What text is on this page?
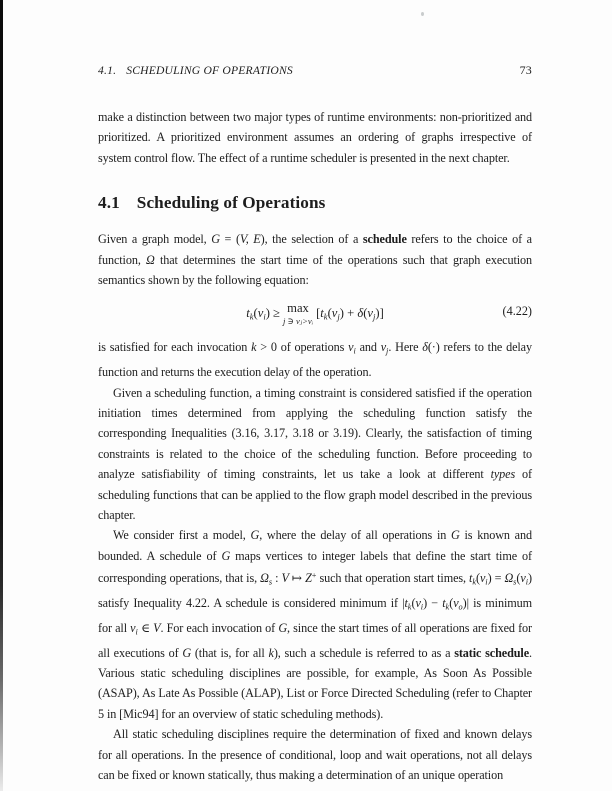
4.1. SCHEDULING OF OPERATIONS	73

make a distinction between two major types of runtime environments: non-prioritized and prioritized. A prioritized environment assumes an ordering of graphs irrespective of system control flow. The effect of a runtime scheduler is presented in the next chapter.

4.1 Scheduling of Operations

Given a graph model, G = (V, E), the selection of a schedule refers to the choice of a function, Ω that determines the start time of the operations such that graph execution semantics shown by the following equation:

tk(vi) ≥ max
j ∋ vⱼ>vᵢ
[tk(vj) + δ(vj)]	(4.22)

is satisfied for each invocation k > 0 of operations vi and vj. Here δ(·) refers to the delay function and returns the execution delay of the operation.

Given a scheduling function, a timing constraint is considered satisfied if the operation initiation times determined from applying the scheduling function satisfy the corresponding Inequalities (3.16, 3.17, 3.18 or 3.19). Clearly, the satisfaction of timing constraints is related to the choice of the scheduling function. Before proceeding to analyze satisfiability of timing constraints, let us take a look at different types of scheduling functions that can be applied to the flow graph model described in the previous chapter.

We consider first a model, G, where the delay of all operations in G is known and bounded. A schedule of G maps vertices to integer labels that define the start time of corresponding operations, that is, Ωs : V ↦ Z+ such that operation start times, tk(vi) = Ωs(vi) satisfy Inequality 4.22. A schedule is considered minimum if |tk(vi) − tk(vo)| is minimum for all vi ∈ V. For each invocation of G, since the start times of all operations are fixed for all executions of G (that is, for all k), such a schedule is referred to as a static schedule. Various static scheduling disciplines are possible, for example, As Soon As Possible (ASAP), As Late As Possible (ALAP), List or Force Directed Scheduling (refer to Chapter 5 in [Mic94] for an overview of static scheduling methods).

All static scheduling disciplines require the determination of fixed and known delays for all operations. In the presence of conditional, loop and wait operations, not all delays can be fixed or known statically, thus making a determination of an unique operation
